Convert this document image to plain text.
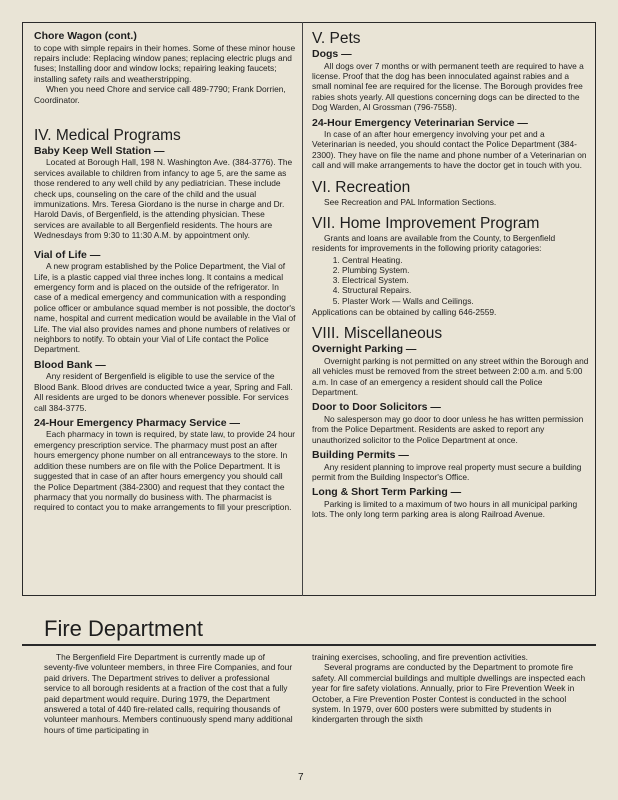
Chore Wagon (cont.)

to cope with simple repairs in their homes. Some of these minor house repairs include: Replacing window panes; replacing electric plugs and fuses; Installing door and window locks; repairing leaking faucets; installing safety rails and weatherstripping.

When you need Chore and service call 489-7790; Frank Dorrien, Coordinator.

IV. Medical Programs
Baby Keep Well Station —

Located at Borough Hall, 198 N. Washington Ave. (384-3776). The services available to children from infancy to age 5, are the same as those rendered to any well child by any pediatrician. These include check ups, counseling on the care of the child and the usual immunizations. Mrs. Teresa Giordano is the nurse in charge and Dr. Harold Davis, of Bergenfield, is the attending physician. These services are available to all Bergenfield residents. The hours are Wednesdays from 9:30 to 11:30 A.M. by appointment only.

Vial of Life —

A new program established by the Police Department, the Vial of Life, is a plastic capped vial three inches long. It contains a medical emergency form and is placed on the outside of the refrigerator. In case of a medical emergency and communication with a responding police officer or ambulance squad member is not possible, the doctor's name, hospital and current medication would be available in the Vial of Life. The vial also provides names and phone numbers of relatives or neighbors to notify. To obtain your Vial of Life contact the Police Department.

Blood Bank —

Any resident of Bergenfield is eligible to use the service of the Blood Bank. Blood drives are conducted twice a year, Spring and Fall. All residents are urged to be donors whenever possible. For services call 384-3775.

24-Hour Emergency Pharmacy Service —

Each pharmacy in town is required, by state law, to provide 24 hour emergency prescription service. The pharmacy must post an after hours emergency phone number on all entranceways to the store. In addition these numbers are on file with the Police Department. It is suggested that in case of an after hours emergency you should call the Police Department (384-2300) and request that they contact the pharmacy that you normally do business with. The pharmacist is required to contact you to make arrangements to fill your prescription.

V. Pets
Dogs —

All dogs over 7 months or with permanent teeth are required to have a license. Proof that the dog has been innoculated against rabies and a small nominal fee are required for the license. The Borough provides free rabies shots yearly. All questions concerning dogs can be directed to the Dog Warden, Al Grossman (796-7558).

24-Hour Emergency Veterinarian Service —

In case of an after hour emergency involving your pet and a Veterinarian is needed, you should contact the Police Department (384-2300). They have on file the name and phone number of a Veterinarian on call and will make arrangements to have the doctor get in touch with you.

VI. Recreation

See Recreation and PAL Information Sections.

VII. Home Improvement Program

Grants and loans are available from the County, to Bergenfield residents for improvements in the following priority catagories:

1. Central Heating.
2. Plumbing System.
3. Electrical System.
4. Structural Repairs.
5. Plaster Work — Walls and Ceilings.

Applications can be obtained by calling 646-2559.

VIII. Miscellaneous
Overnight Parking —

Overnight parking is not permitted on any street within the Borough and all vehicles must be removed from the street between 2:00 a.m. and 5:00 a.m. In case of an emergency a resident should call the Police Department.

Door to Door Solicitors —

No salesperson may go door to door unless he has written permission from the Police Department. Residents are asked to report any unauthorized solicitor to the Police Department at once.

Building Permits —

Any resident planning to improve real property must secure a building permit from the Building Inspector's Office.

Long & Short Term Parking —

Parking is limited to a maximum of two hours in all municipal parking lots. The only long term parking area is along Railroad Avenue.

Fire Department

The Bergenfield Fire Department is currently made up of seventy-five volunteer members, in three Fire Companies, and four paid drivers. The Department strives to deliver a professional service to all borough residents at a fraction of the cost that a fully paid department would require. During 1979, the Department answered a total of 440 fire-related calls, requiring thousands of volunteer manhours. Members continuously spend many additional hours of time participating in

training exercises, schooling, and fire prevention activities.

Several programs are conducted by the Department to promote fire safety. All commercial buildings and multiple dwellings are inspected each year for fire safety violations. Annually, prior to Fire Prevention Week in October, a Fire Prevention Poster Contest is conducted in the school system. In 1979, over 600 posters were submitted by students in kindergarten through the sixth

7
